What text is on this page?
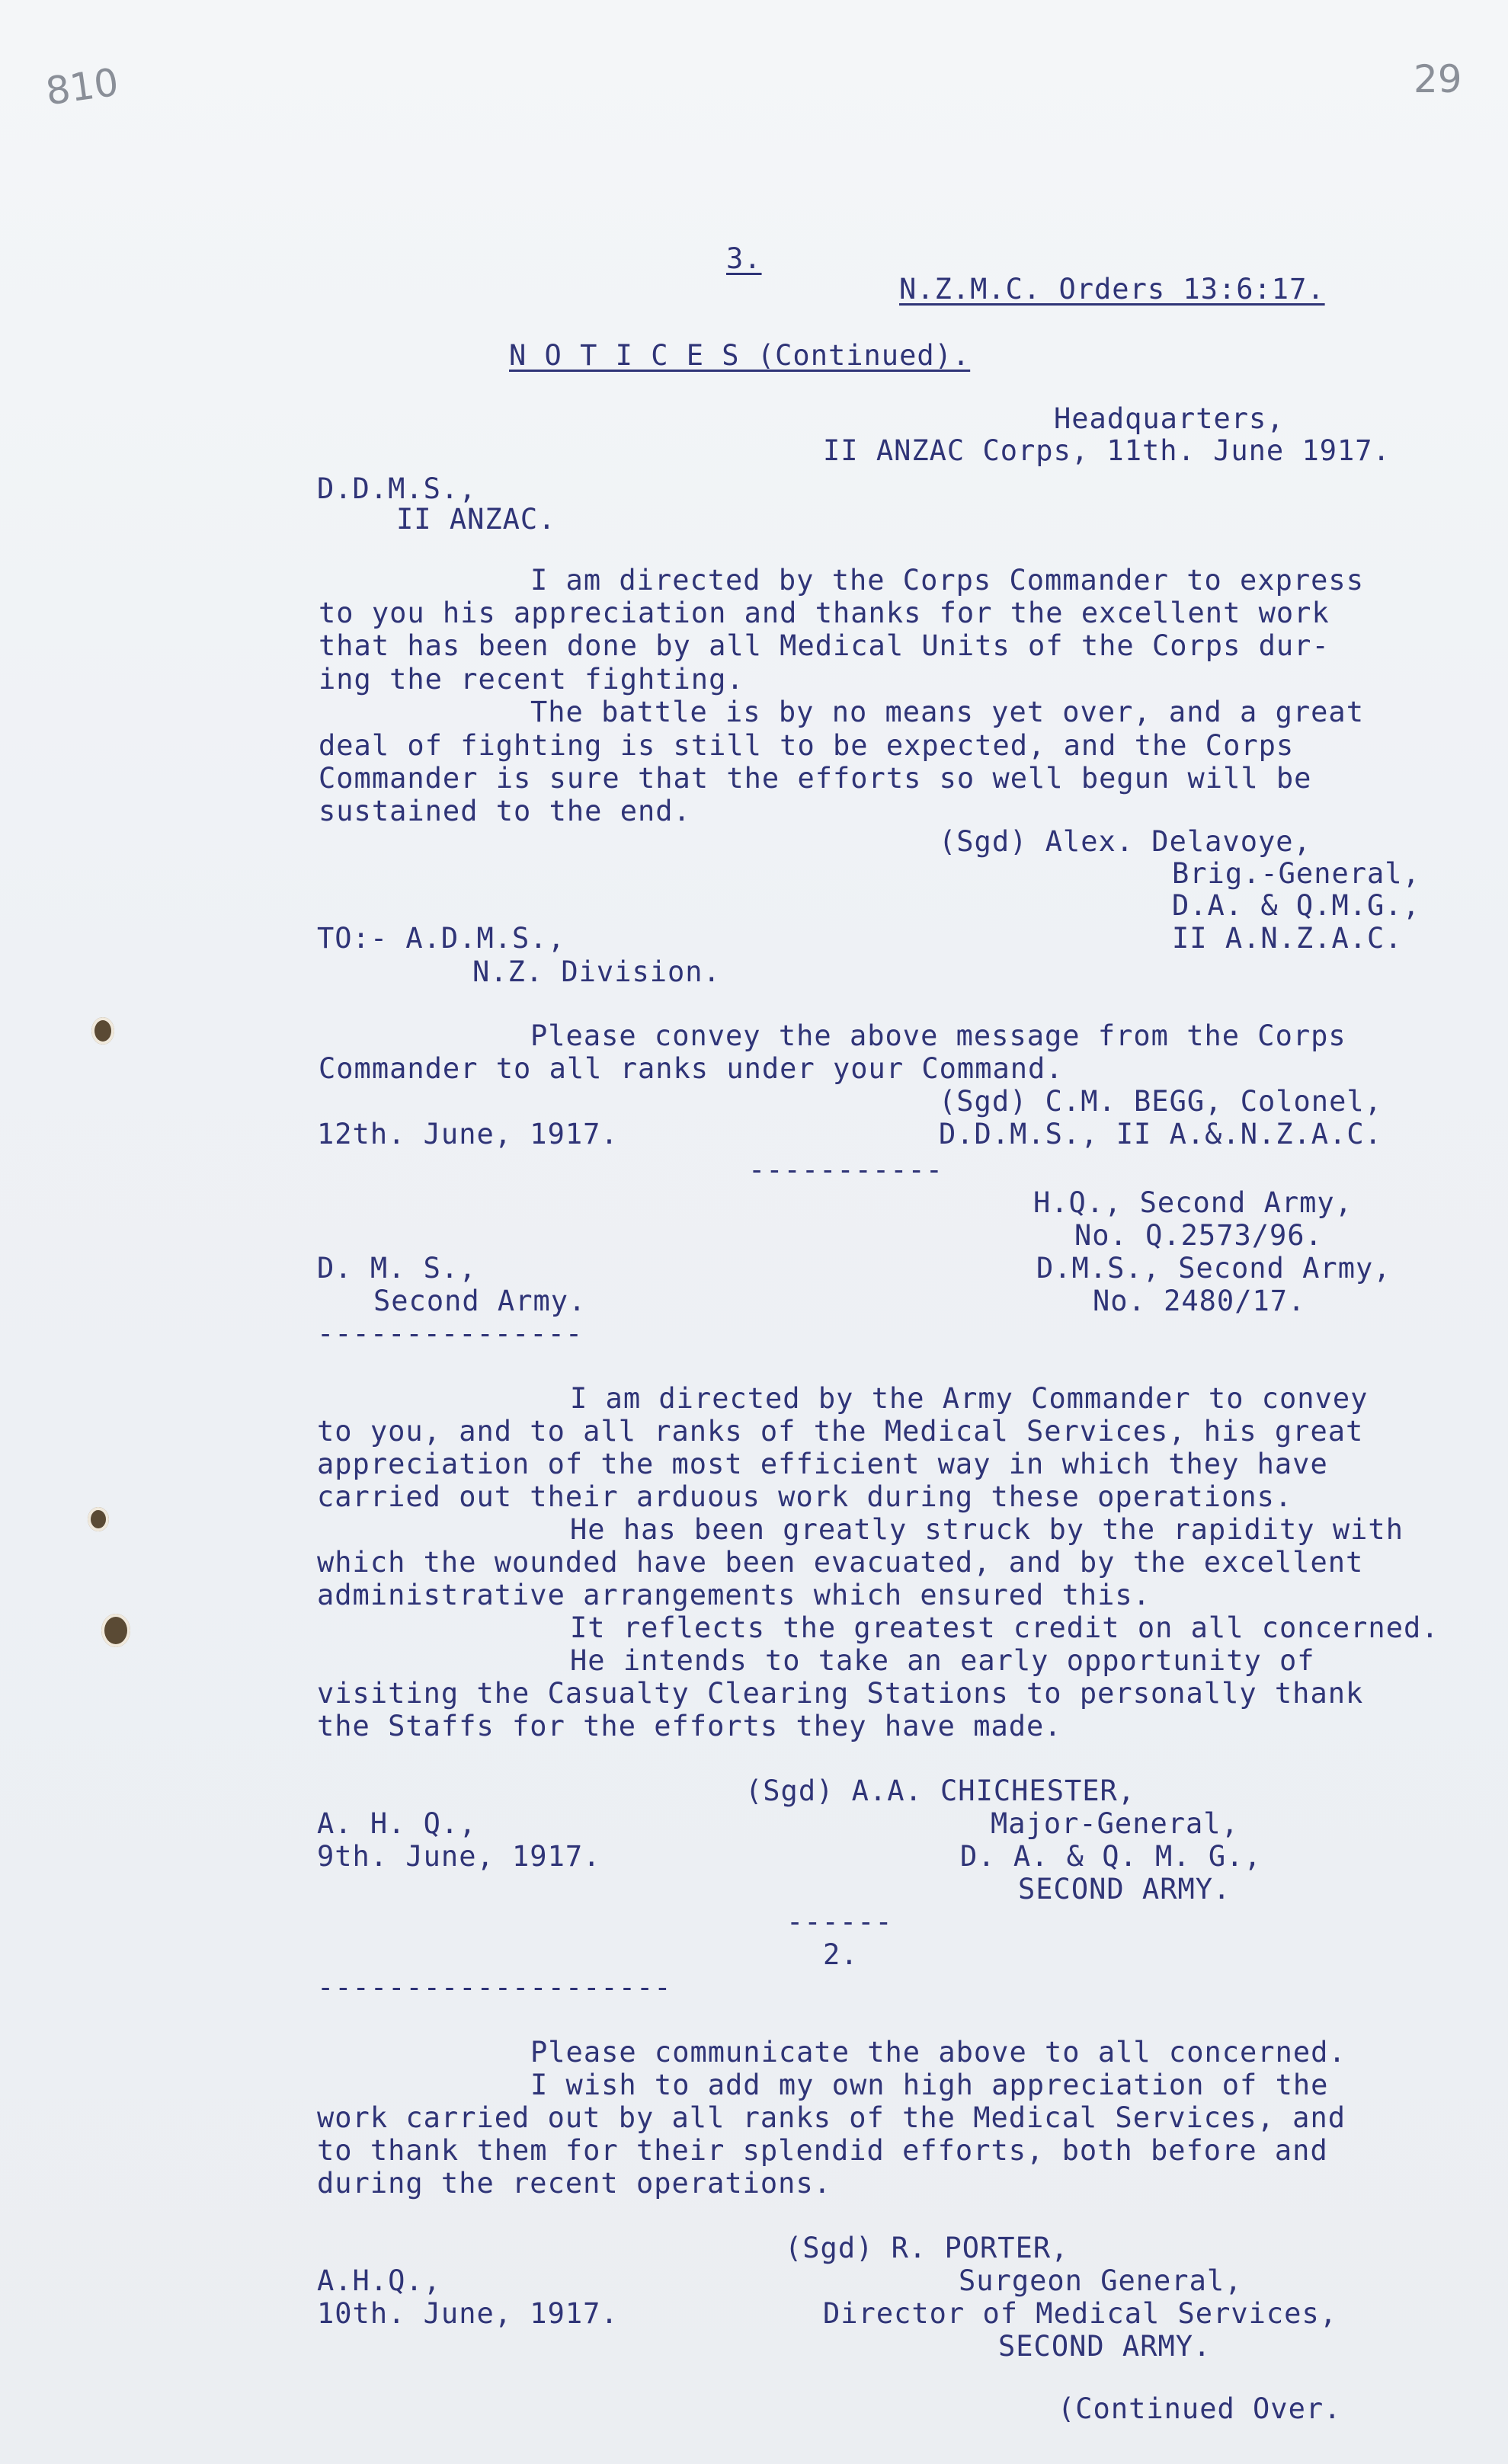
810	29
3.
N.Z.M.C. Orders 13:6:17.
N O T I C E S (Continued).
Headquarters,
II ANZAC Corps, 11th. June 1917.
D.D.M.S.,
II ANZAC.
I am directed by the Corps Commander to express
to you his appreciation and thanks for the excellent work
that has been done by all Medical Units of the Corps dur-
ing the recent fighting.
The battle is by no means yet over, and a great
deal of fighting is still to be expected, and the Corps
Commander is sure that the efforts so well begun will be
sustained to the end.
(Sgd) Alex. Delavoye,
Brig.-General,
D.A. & Q.M.G.,
II A.N.Z.A.C.
TO:- A.D.M.S.,
N.Z. Division.
Please convey the above message from the Corps
Commander to all ranks under your Command.
(Sgd) C.M. BEGG, Colonel,
D.D.M.S., II A.&.N.Z.A.C.
12th. June, 1917.
-----------
H.Q., Second Army,
No. Q.2573/96.
D. M. S.,	D.M.S., Second Army,
Second Army.	No. 2480/17.
---------------
I am directed by the Army Commander to convey
to you, and to all ranks of the Medical Services, his great
appreciation of the most efficient way in which they have
carried out their arduous work during these operations.
He has been greatly struck by the rapidity with
which the wounded have been evacuated, and by the excellent
administrative arrangements which ensured this.
It reflects the greatest credit on all concerned.
He intends to take an early opportunity of
visiting the Casualty Clearing Stations to personally thank
the Staffs for the efforts they have made.
(Sgd) A.A. CHICHESTER,
Major-General,
D. A. & Q. M. G.,
SECOND ARMY.
A. H. Q.,
9th. June, 1917.
------
2.
--------------------
Please communicate the above to all concerned.
I wish to add my own high appreciation of the
work carried out by all ranks of the Medical Services, and
to thank them for their splendid efforts, both before and
during the recent operations.
(Sgd) R. PORTER,
Surgeon General,
Director of Medical Services,
SECOND ARMY.
A.H.Q.,
10th. June, 1917.
(Continued Over.
